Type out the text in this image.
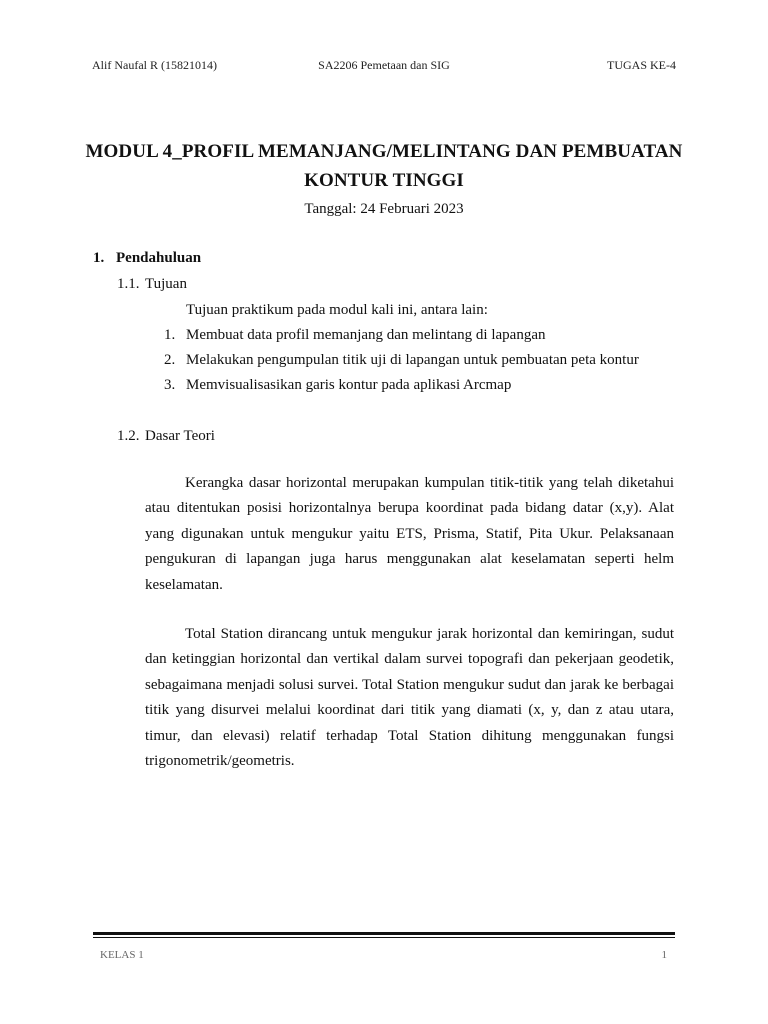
Alif Naufal R (15821014)	SA2206 Pemetaan dan SIG	TUGAS KE-4
MODUL 4_PROFIL MEMANJANG/MELINTANG DAN PEMBUATAN
KONTUR TINGGI
Tanggal: 24 Februari 2023
1. Pendahuluan
1.1. Tujuan
Tujuan praktikum pada modul kali ini, antara lain:
1. Membuat data profil memanjang dan melintang di lapangan
2. Melakukan pengumpulan titik uji di lapangan untuk pembuatan peta kontur
3. Memvisualisasikan garis kontur pada aplikasi Arcmap
1.2. Dasar Teori

Kerangka dasar horizontal merupakan kumpulan titik-titik yang telah diketahui atau ditentukan posisi horizontalnya berupa koordinat pada bidang datar (x,y). Alat yang digunakan untuk mengukur yaitu ETS, Prisma, Statif, Pita Ukur. Pelaksanaan pengukuran di lapangan juga harus menggunakan alat keselamatan seperti helm keselamatan.

Total Station dirancang untuk mengukur jarak horizontal dan kemiringan, sudut dan ketinggian horizontal dan vertikal dalam survei topografi dan pekerjaan geodetik, sebagaimana menjadi solusi survei. Total Station mengukur sudut dan jarak ke berbagai titik yang disurvei melalui koordinat dari titik yang diamati (x, y, dan z atau utara, timur, dan elevasi) relatif terhadap Total Station dihitung menggunakan fungsi trigonometrik/geometris.

KELAS 1	1
